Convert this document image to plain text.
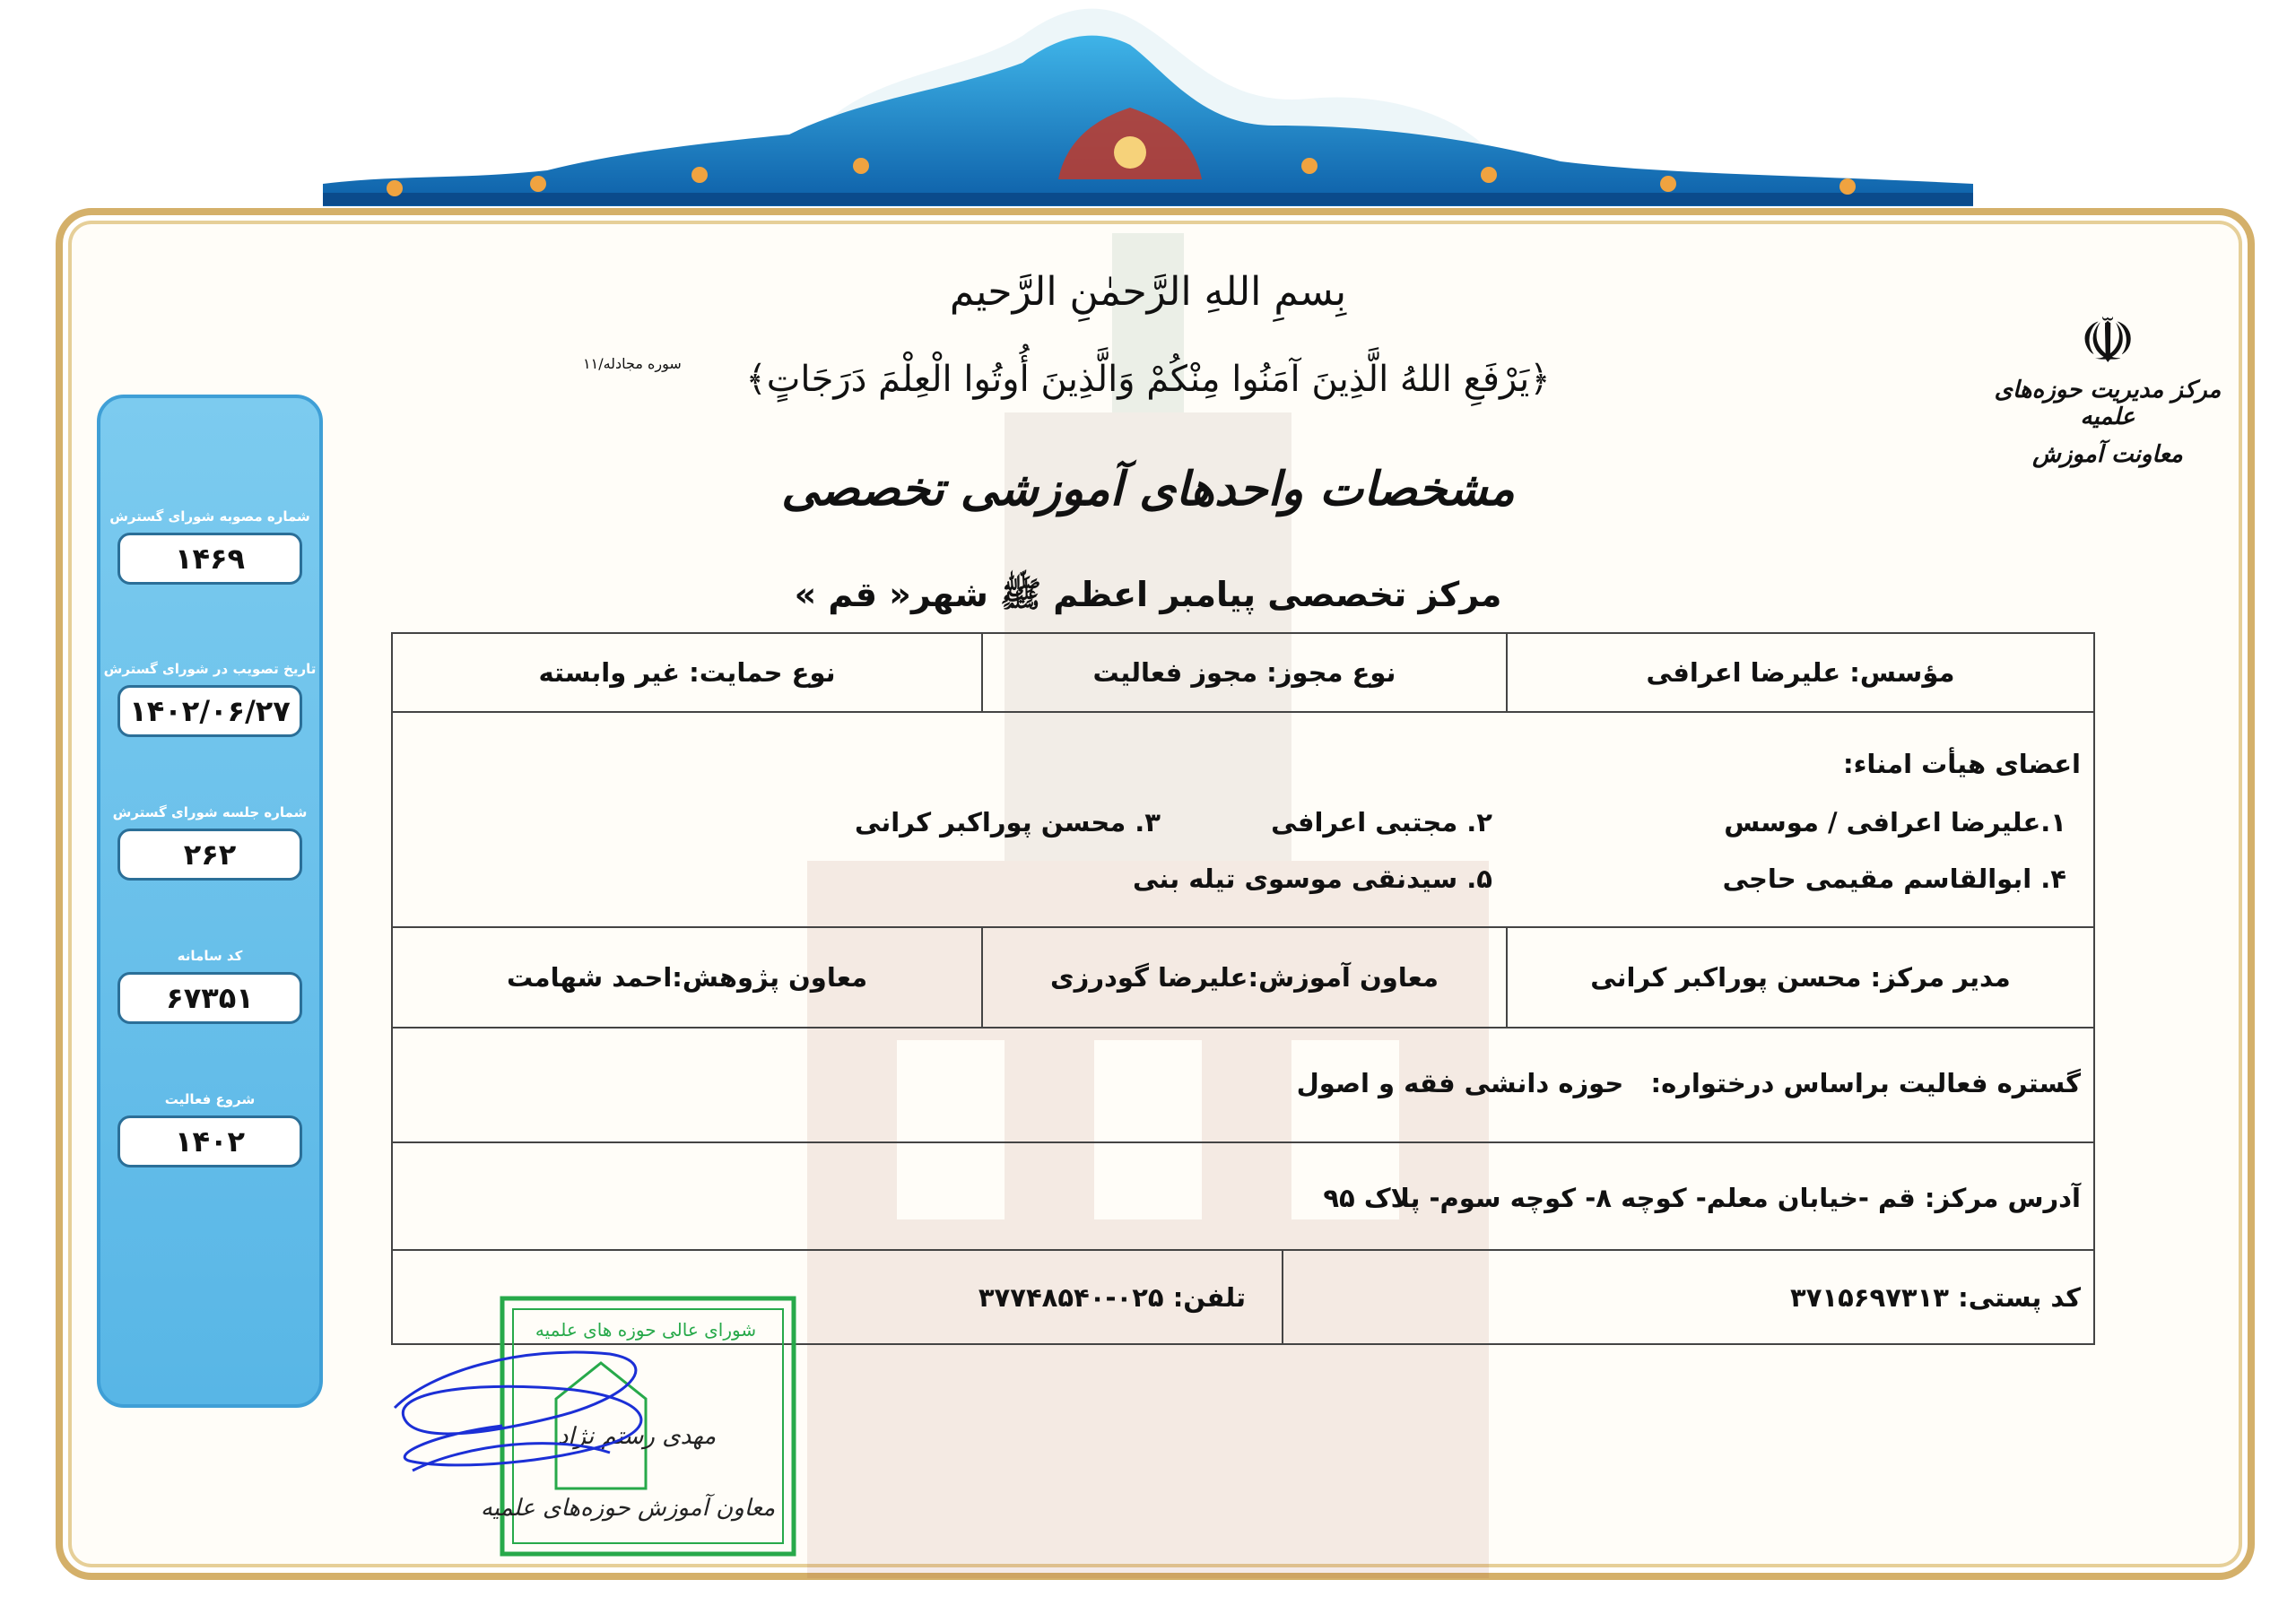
شماره مصوبه شورای گسترش
۱۴۶۹
تاریخ تصویب در شورای گسترش
۱۴۰۲/۰۶/۲۷
شماره جلسه شورای گسترش
۲۶۲
کد سامانه
۶۷۳۵۱
شروع فعالیت
۱۴۰۲
☫
مرکز مدیریت حوزه‌های علمیه
معاونت آموزش
بِسمِ اللهِ الرَّحمٰنِ الرَّحیم
سوره مجادله/۱۱	﴿یَرْفَعِ اللهُ الَّذِینَ آمَنُوا مِنْکُمْ وَالَّذِینَ أُوتُوا الْعِلْمَ دَرَجَاتٍ﴾
مشخصات واحدهای آموزشی تخصصی
مرکز تخصصی پیامبر اعظم ﷺ شهر« قم »
مؤسس: علیرضا اعرافی
نوع مجوز: مجوز فعالیت
نوع حمایت: غیر وابسته
اعضای هیأت امناء:
۱.علیرضا اعرافی / موسس
۲. مجتبی اعرافی
۳. محسن پوراکبر کرانی
۴. ابوالقاسم مقیمی حاجی
۵. سیدنقی موسوی تیله بنی
مدیر مرکز: محسن پوراکبر کرانی
معاون آموزش:علیرضا گودرزی
معاون پژوهش:احمد شهامت
گستره فعالیت براساس درختواره:   حوزه دانشی فقه و اصول
آدرس مرکز: قم -خیابان معلم- کوچه ۸- کوچه سوم- پلاک ۹۵
کد پستی: ۳۷۱۵۶۹۷۳۱۳
تلفن: ۰۲۵-۳۷۷۴۸۵۴۰
شورای عالی حوزه های علمیه
مهدی رستم نژاد
معاون آموزش حوزه‌های علمیه
